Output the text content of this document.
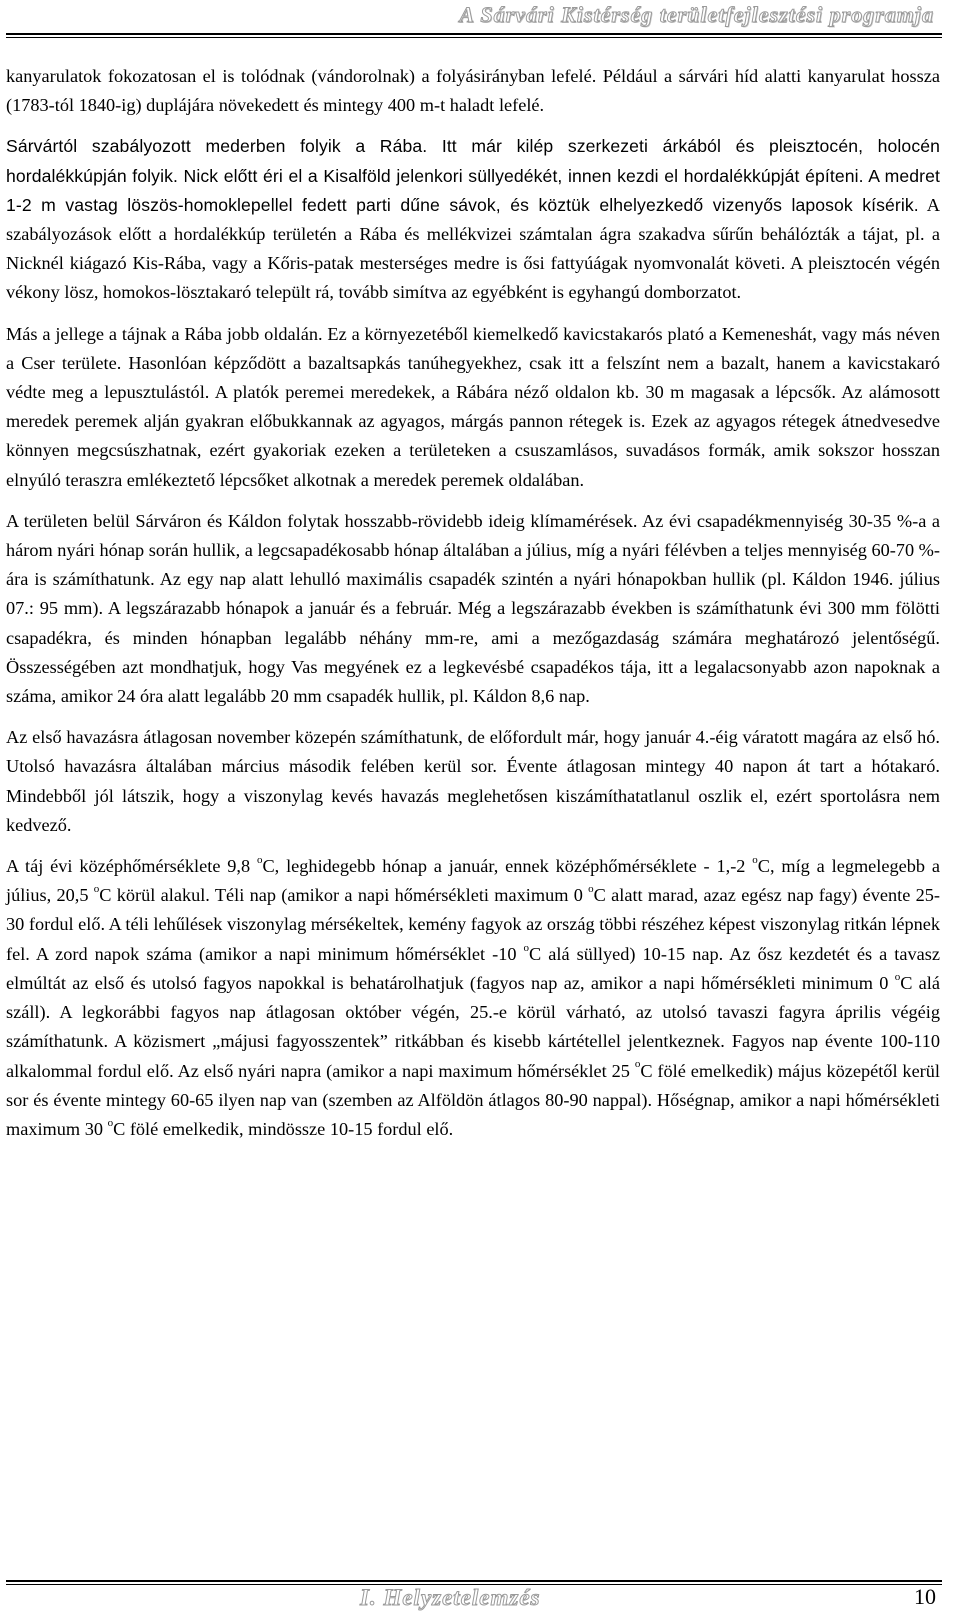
A Sárvári Kistérség területfejlesztési programja

kanyarulatok fokozatosan el is tolódnak (vándorolnak) a folyásirányban lefelé. Például a sárvári híd alatti kanyarulat hossza (1783-tól 1840-ig) duplájára növekedett és mintegy 400 m-t haladt lefelé.

Sárvártól szabályozott mederben folyik a Rába. Itt már kilép szerkezeti árkából és pleisztocén, holocén hordalékkúpján folyik. Nick előtt éri el a Kisalföld jelenkori süllyedékét, innen kezdi el hordalékkúpját építeni. A medret 1-2 m vastag löszös-homoklepellel fedett parti dűne sávok, és köztük elhelyezkedő vizenyős laposok kísérik. A szabályozások előtt a hordalékkúp területén a Rába és mellékvizei számtalan ágra szakadva sűrűn behálózták a tájat, pl. a Nicknél kiágazó Kis-Rába, vagy a Kőris-patak mesterséges medre is ősi fattyúágak nyomvonalát követi. A pleisztocén végén vékony lösz, homokos-lösztakaró települt rá, tovább simítva az egyébként is egyhangú domborzatot.

Más a jellege a tájnak a Rába jobb oldalán. Ez a környezetéből kiemelkedő kavicstakarós plató a Kemeneshát, vagy más néven a Cser területe. Hasonlóan képződött a bazaltsapkás tanúhegyekhez, csak itt a felszínt nem a bazalt, hanem a kavicstakaró védte meg a lepusztulástól. A platók peremei meredekek, a Rábára néző oldalon kb. 30 m magasak a lépcsők. Az alámosott meredek peremek alján gyakran előbukkannak az agyagos, márgás pannon rétegek is. Ezek az agyagos rétegek átnedvesedve könnyen megcsúszhatnak, ezért gyakoriak ezeken a területeken a csuszamlásos, suvadásos formák, amik sokszor hosszan elnyúló teraszra emlékeztető lépcsőket alkotnak a meredek peremek oldalában.

A területen belül Sárváron és Káldon folytak hosszabb-rövidebb ideig klímamérések. Az évi csapadékmennyiség 30-35 %-a a három nyári hónap során hullik, a legcsapadékosabb hónap általában a július, míg a nyári félévben a teljes mennyiség 60-70 %-ára is számíthatunk. Az egy nap alatt lehulló maximális csapadék szintén a nyári hónapokban hullik (pl. Káldon 1946. július 07.: 95 mm). A legszárazabb hónapok a január és a február. Még a legszárazabb években is számíthatunk évi 300 mm fölötti csapadékra, és minden hónapban legalább néhány mm-re, ami a mezőgazdaság számára meghatározó jelentőségű. Összességében azt mondhatjuk, hogy Vas megyének ez a legkevésbé csapadékos tája, itt a legalacsonyabb azon napoknak a száma, amikor 24 óra alatt legalább 20 mm csapadék hullik, pl. Káldon 8,6 nap.

Az első havazásra átlagosan november közepén számíthatunk, de előfordult már, hogy január 4.-éig váratott magára az első hó. Utolsó havazásra általában március második felében kerül sor. Évente átlagosan mintegy 40 napon át tart a hótakaró. Mindebből jól látszik, hogy a viszonylag kevés havazás meglehetősen kiszámíthatatlanul oszlik el, ezért sportolásra nem kedvező.

A táj évi középhőmérséklete 9,8 $^o$C, leghidegebb hónap a január, ennek középhőmérséklete - 1,-2 $^o$C, míg a legmelegebb a július, 20,5 $^o$C körül alakul. Téli nap (amikor a napi hőmérsékleti maximum 0 $^o$C alatt marad, azaz egész nap fagy) évente 25-30 fordul elő. A téli lehűlések viszonylag mérsékeltek, kemény fagyok az ország többi részéhez képest viszonylag ritkán lépnek fel. A zord napok száma (amikor a napi minimum hőmérséklet -10 $^o$C alá süllyed) 10-15 nap. Az ősz kezdetét és a tavasz elmúltát az első és utolsó fagyos napokkal is behatárolhatjuk (fagyos nap az, amikor a napi hőmérsékleti minimum 0 $^o$C alá száll). A legkorábbi fagyos nap átlagosan október végén, 25.-e körül várható, az utolsó tavaszi fagyra április végéig számíthatunk. A közismert „májusi fagyosszentek” ritkábban és kisebb kártétellel jelentkeznek. Fagyos nap évente 100-110 alkalommal fordul elő. Az első nyári napra (amikor a napi maximum hőmérséklet 25 $^o$C fölé emelkedik) május közepétől kerül sor és évente mintegy 60-65 ilyen nap van (szemben az Alföldön átlagos 80-90 nappal). Hőségnap, amikor a napi hőmérsékleti maximum 30 $^o$C fölé emelkedik, mindössze 10-15 fordul elő.

I. Helyzetelemzés	10
